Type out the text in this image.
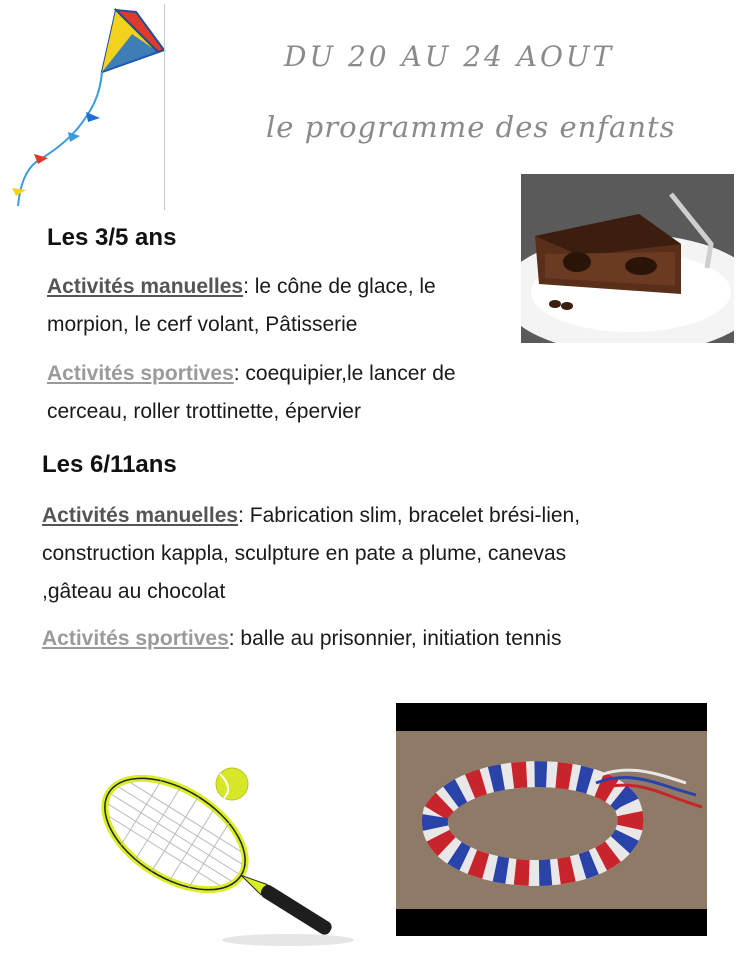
DU 20 AU 24 AOUT
le programme des enfants
Les 3/5 ans
Activités manuelles: le cône de glace, le morpion, le cerf volant, Pâtisserie
Activités sportives: coequipier,le lancer de cerceau, roller trottinette, épervier
Les 6/11ans
Activités manuelles: Fabrication slim, bracelet brési-lien, construction kappla, sculpture en pate a plume, canevas ,gâteau au chocolat
Activités sportives: balle au prisonnier, initiation tennis
